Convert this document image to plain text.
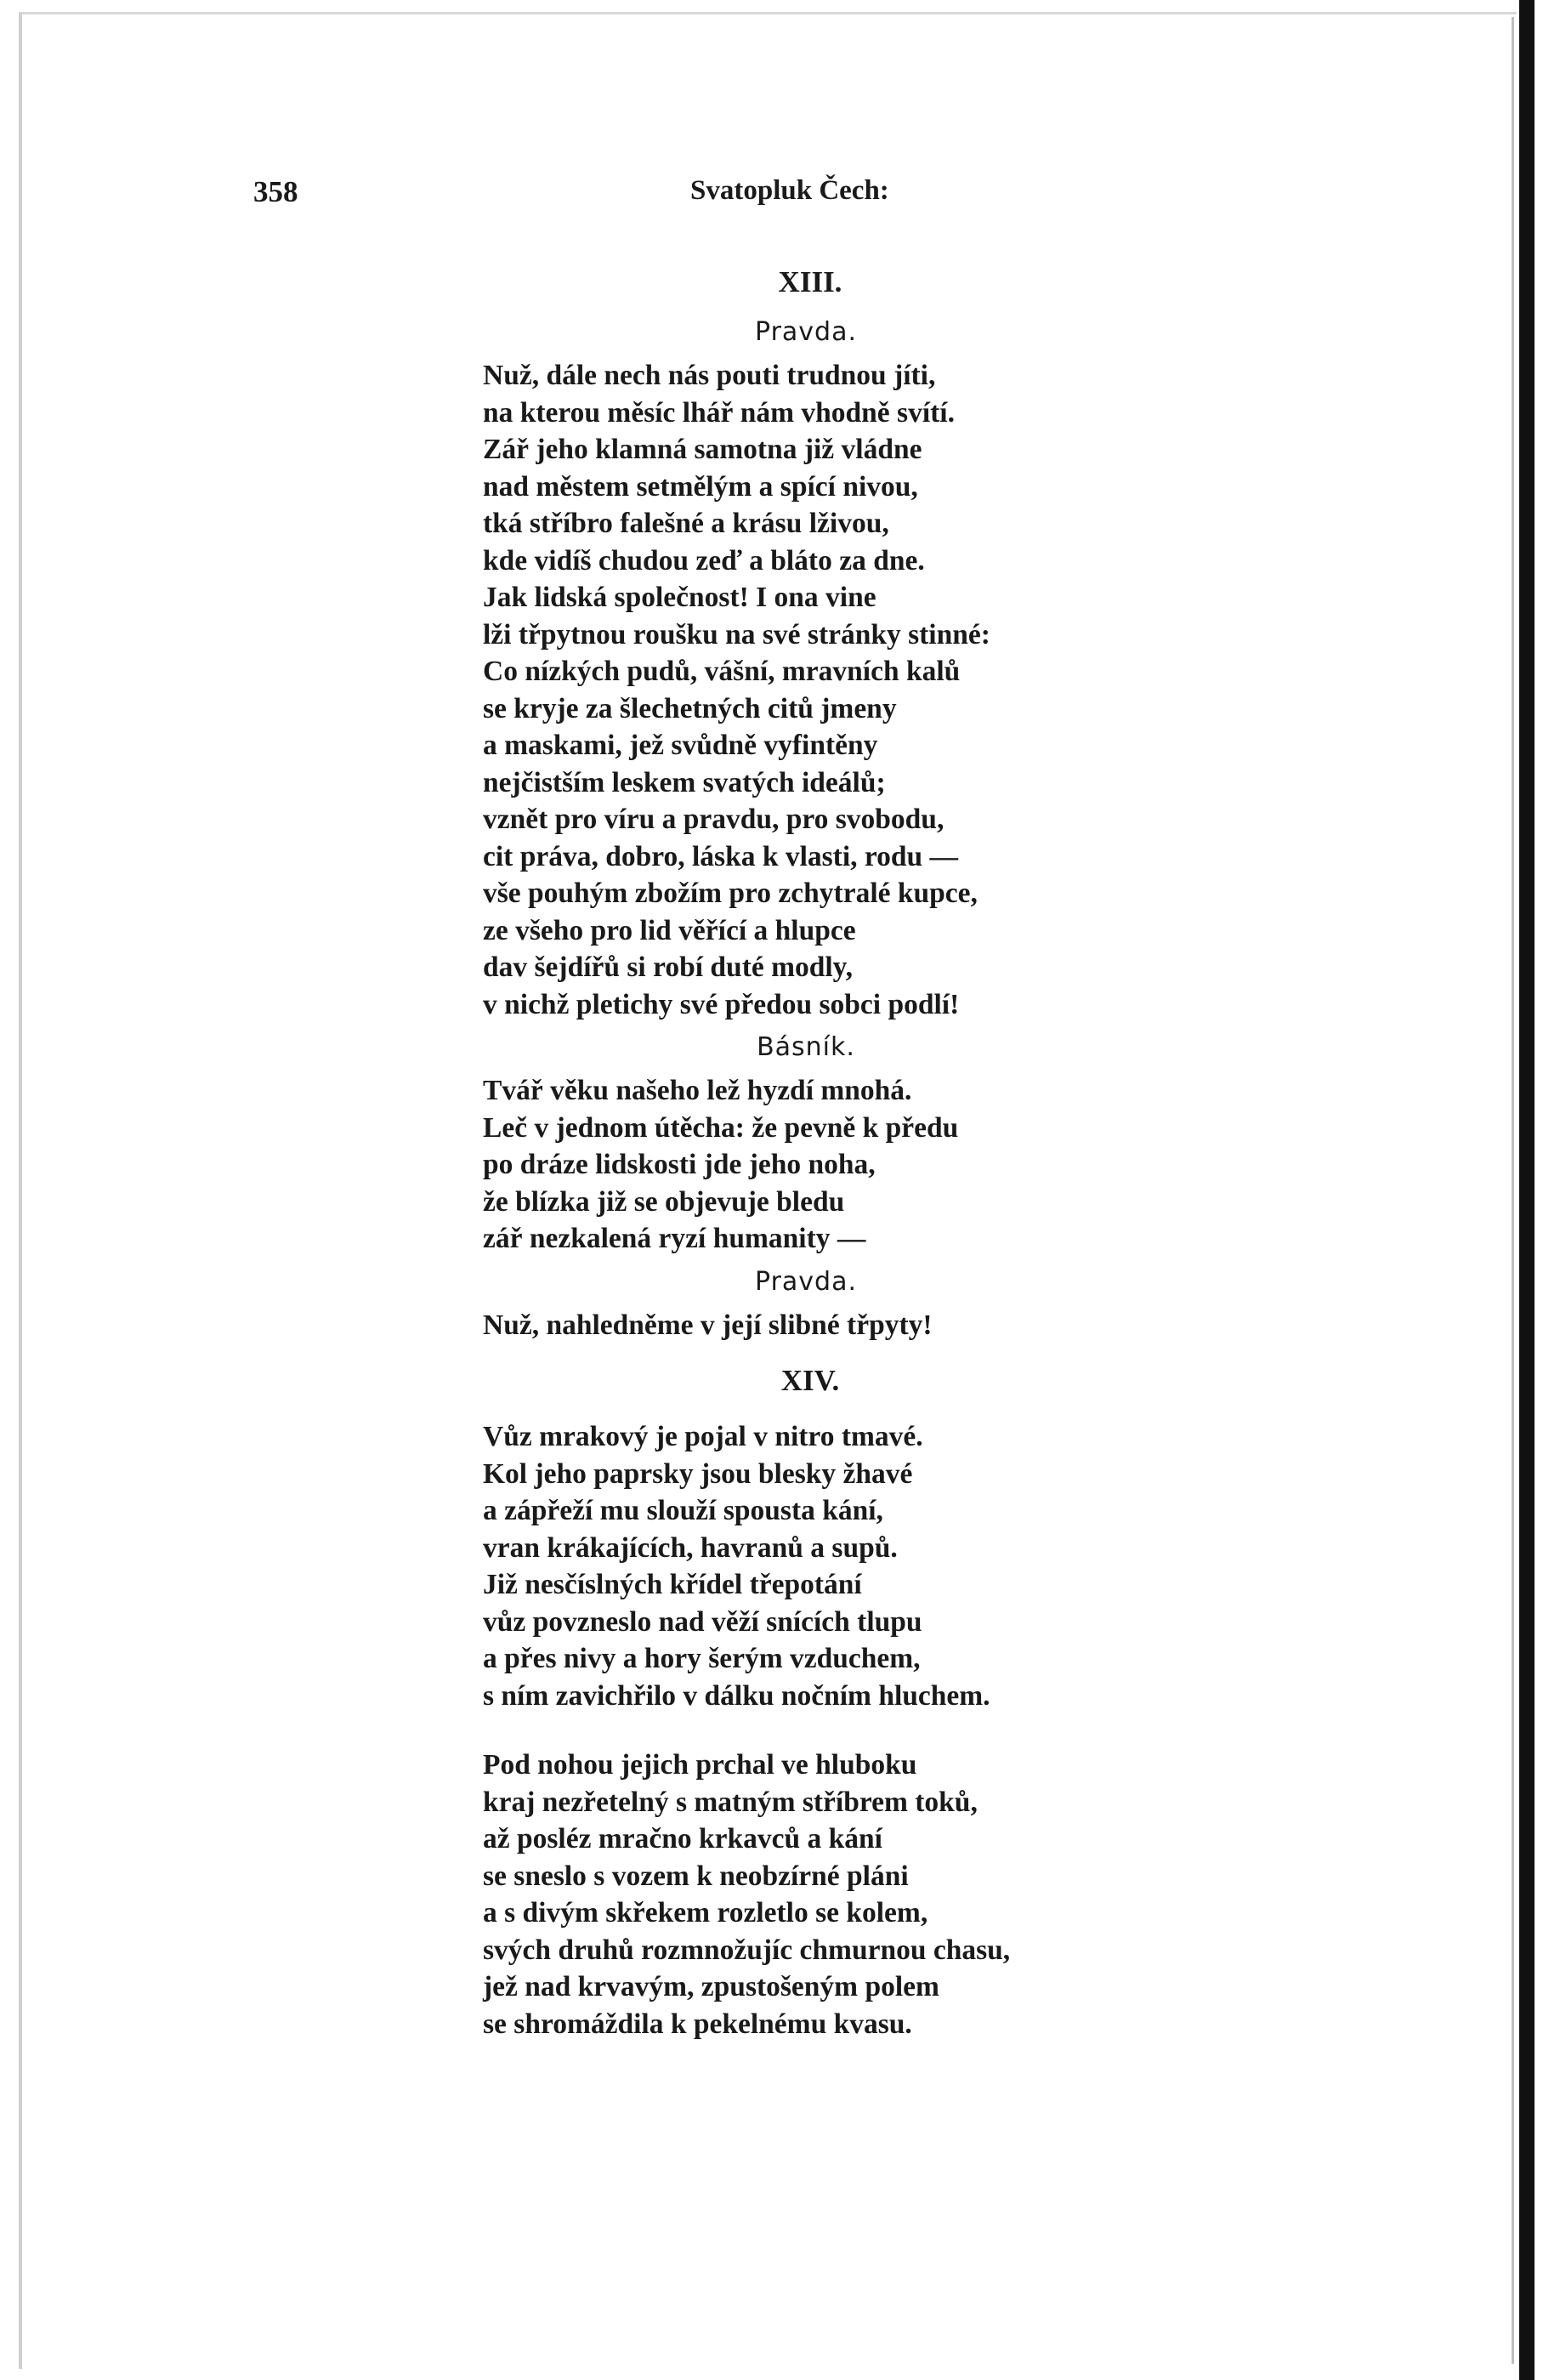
358	Svatopluk Čech:
XIII.
Pravda.
Nuž, dále nech nás pouti trudnou jíti,
na kterou měsíc lhář nám vhodně svítí.
Zář jeho klamná samotna již vládne
nad městem setmělým a spící nivou,
tká stříbro falešné a krásu lživou,
kde vidíš chudou zeď a bláto za dne.
Jak lidská společnost! I ona vine
lži třpytnou roušku na své stránky stinné:
Co nízkých pudů, vášní, mravních kalů
se kryje za šlechetných citů jmeny
a maskami, jež svůdně vyfintěny
nejčistším leskem svatých ideálů;
vznět pro víru a pravdu, pro svobodu,
cit práva, dobro, láska k vlasti, rodu —
vše pouhým zbožím pro zchytralé kupce,
ze všeho pro lid věřící a hlupce
dav šejdířů si robí duté modly,
v nichž pletichy své předou sobci podlí!
Básník.
Tvář věku našeho lež hyzdí mnohá.
Leč v jednom útěcha: že pevně k předu
po dráze lidskosti jde jeho noha,
že blízka již se objevuje bledu
zář nezkalená ryzí humanity —
Pravda.
Nuž, nahledněme v její slibné třpyty!
XIV.
Vůz mrakový je pojal v nitro tmavé.
Kol jeho paprsky jsou blesky žhavé
a zápřeží mu slouží spousta kání,
vran krákajících, havranů a supů.
Již nesčíslných křídel třepotání
vůz povzneslo nad věží snících tlupu
a přes nivy a hory šerým vzduchem,
s ním zavichřilo v dálku nočním hluchem.
Pod nohou jejich prchal ve hluboku
kraj nezřetelný s matným stříbrem toků,
až posléz mračno krkavců a kání
se sneslo s vozem k neobzírné pláni
a s divým skřekem rozletlo se kolem,
svých druhů rozmnožujíc chmurnou chasu,
jež nad krvavým, zpustošeným polem
se shromáždila k pekelnému kvasu.
